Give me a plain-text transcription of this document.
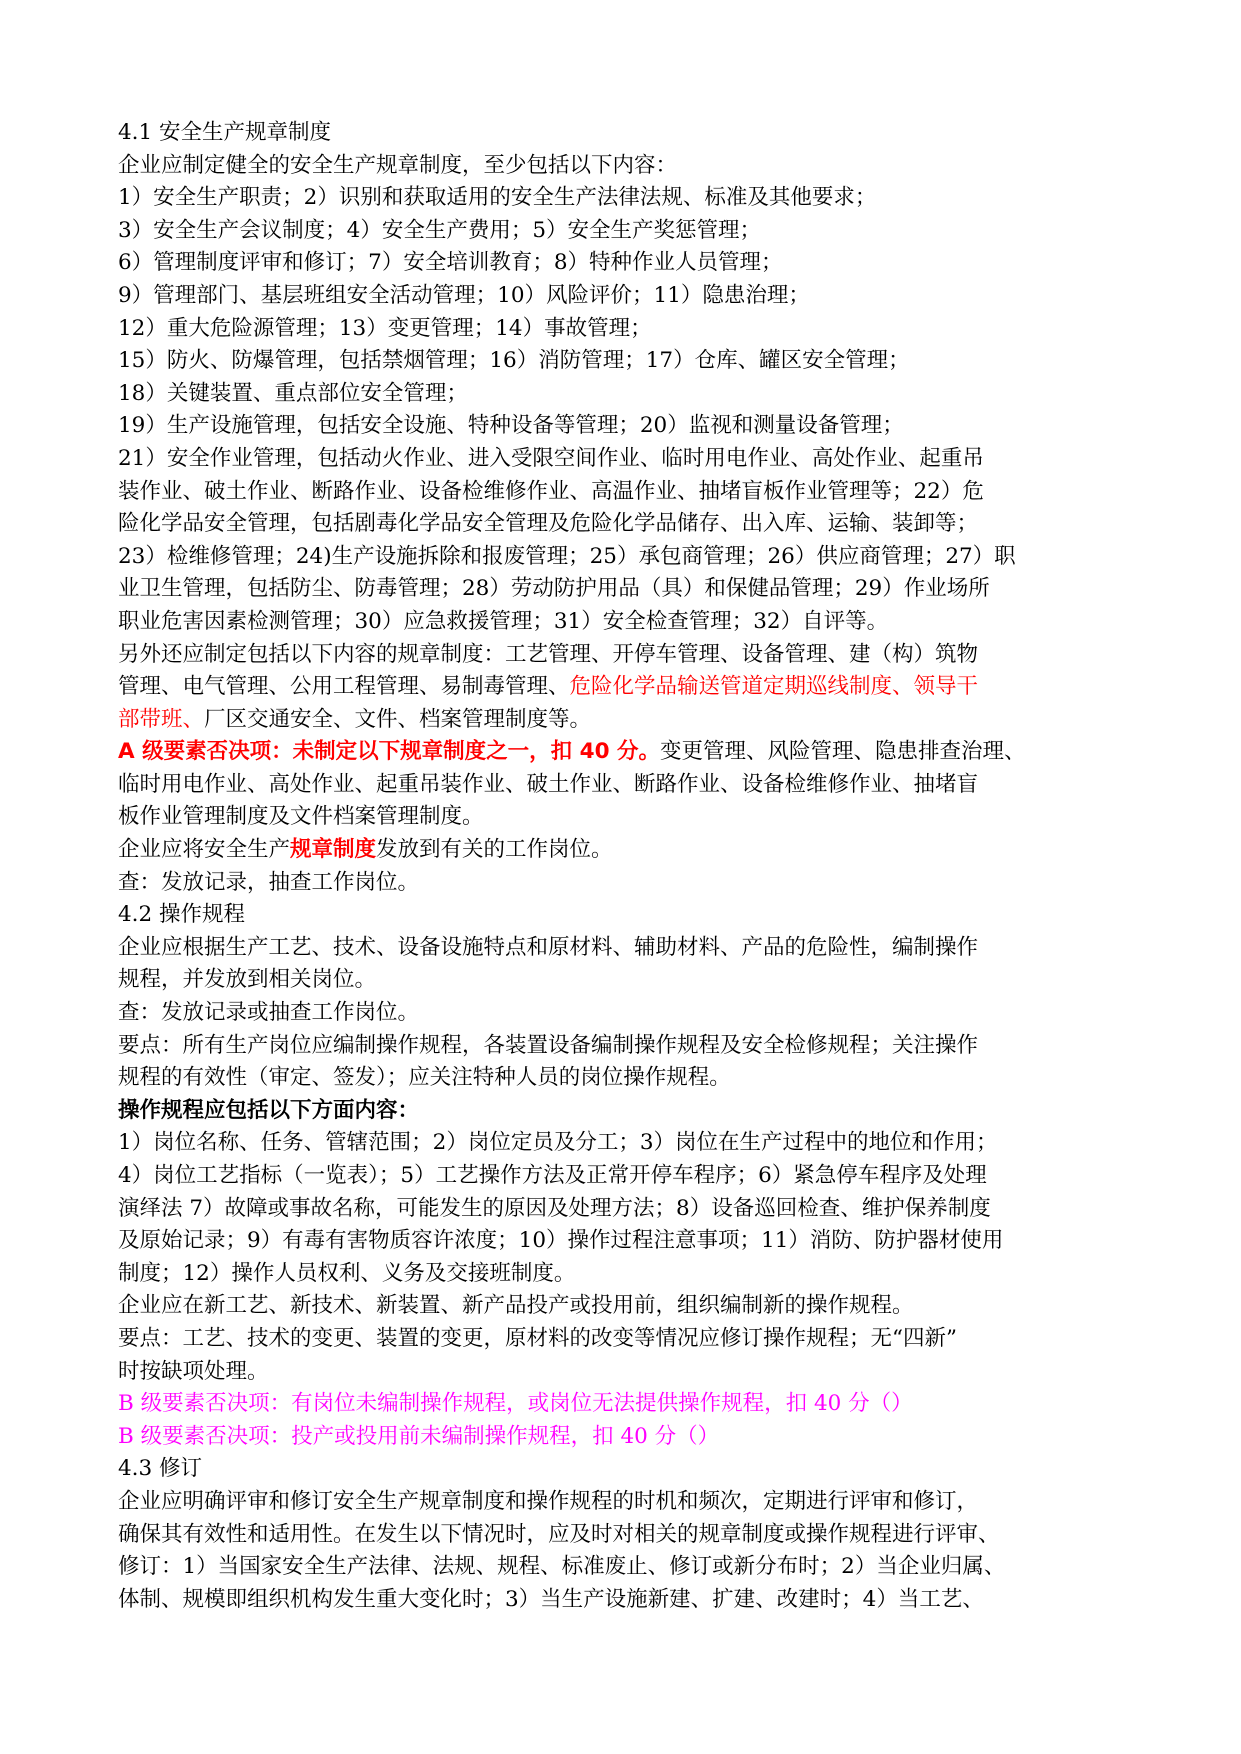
4.1 安全生产规章制度
企业应制定健全的安全生产规章制度，至少包括以下内容：
1）安全生产职责；2）识别和获取适用的安全生产法律法规、标准及其他要求；
3）安全生产会议制度；4）安全生产费用；5）安全生产奖惩管理；
6）管理制度评审和修订；7）安全培训教育；8）特种作业人员管理；
9）管理部门、基层班组安全活动管理；10）风险评价；11）隐患治理；
12）重大危险源管理；13）变更管理；14）事故管理；
15）防火、防爆管理，包括禁烟管理；16）消防管理；17）仓库、罐区安全管理；
18）关键装置、重点部位安全管理；
19）生产设施管理，包括安全设施、特种设备等管理；20）监视和测量设备管理；
21）安全作业管理，包括动火作业、进入受限空间作业、临时用电作业、高处作业、起重吊
装作业、破土作业、断路作业、设备检维修作业、高温作业、抽堵盲板作业管理等；22）危
险化学品安全管理，包括剧毒化学品安全管理及危险化学品储存、出入库、运输、装卸等；
23）检维修管理；24)生产设施拆除和报废管理；25）承包商管理；26）供应商管理；27）职
业卫生管理，包括防尘、防毒管理；28）劳动防护用品（具）和保健品管理；29）作业场所
职业危害因素检测管理；30）应急救援管理；31）安全检查管理；32）自评等。
另外还应制定包括以下内容的规章制度：工艺管理、开停车管理、设备管理、建（构）筑物
管理、电气管理、公用工程管理、易制毒管理、危险化学品输送管道定期巡线制度、领导干
部带班、厂区交通安全、文件、档案管理制度等。
A 级要素否决项：未制定以下规章制度之一，扣 40 分。变更管理、风险管理、隐患排查治理、
临时用电作业、高处作业、起重吊装作业、破土作业、断路作业、设备检维修作业、抽堵盲
板作业管理制度及文件档案管理制度。
企业应将安全生产规章制度发放到有关的工作岗位。
查：发放记录，抽查工作岗位。
4.2 操作规程
企业应根据生产工艺、技术、设备设施特点和原材料、辅助材料、产品的危险性，编制操作
规程，并发放到相关岗位。
查：发放记录或抽查工作岗位。
要点：所有生产岗位应编制操作规程，各装置设备编制操作规程及安全检修规程；关注操作
规程的有效性（审定、签发）；应关注特种人员的岗位操作规程。
操作规程应包括以下方面内容：
1）岗位名称、任务、管辖范围；2）岗位定员及分工；3）岗位在生产过程中的地位和作用；
4）岗位工艺指标（一览表）；5）工艺操作方法及正常开停车程序；6）紧急停车程序及处理
演绎法 7）故障或事故名称，可能发生的原因及处理方法；8）设备巡回检查、维护保养制度
及原始记录；9）有毒有害物质容许浓度；10）操作过程注意事项；11）消防、防护器材使用
制度；12）操作人员权利、义务及交接班制度。
企业应在新工艺、新技术、新装置、新产品投产或投用前，组织编制新的操作规程。
要点：工艺、技术的变更、装置的变更，原材料的改变等情况应修订操作规程；无“四新”
时按缺项处理。
B 级要素否决项：有岗位未编制操作规程，或岗位无法提供操作规程，扣 40 分（）
B 级要素否决项：投产或投用前未编制操作规程，扣 40 分（）
4.3 修订
企业应明确评审和修订安全生产规章制度和操作规程的时机和频次，定期进行评审和修订，
确保其有效性和适用性。在发生以下情况时，应及时对相关的规章制度或操作规程进行评审、
修订：1）当国家安全生产法律、法规、规程、标准废止、修订或新分布时；2）当企业归属、
体制、规模即组织机构发生重大变化时；3）当生产设施新建、扩建、改建时；4）当工艺、
